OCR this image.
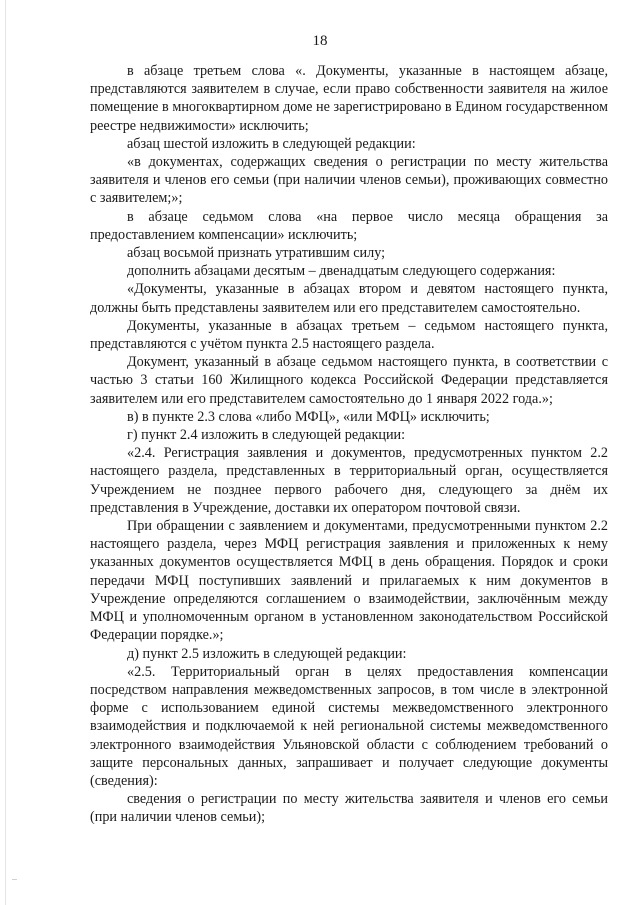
18

в абзаце третьем слова «. Документы, указанные в настоящем абзаце, представляются заявителем в случае, если право собственности заявителя на жилое помещение в многоквартирном доме не зарегистрировано в Едином государственном реестре недвижимости» исключить;

абзац шестой изложить в следующей редакции:

«в документах, содержащих сведения о регистрации по месту жительства заявителя и членов его семьи (при наличии членов семьи), проживающих совместно с заявителем;»;

в абзаце седьмом слова «на первое число месяца обращения за предоставлением компенсации» исключить;

абзац восьмой признать утратившим силу;

дополнить абзацами десятым – двенадцатым следующего содержания:

«Документы, указанные в абзацах втором и девятом настоящего пункта, должны быть представлены заявителем или его представителем самостоятельно.

Документы, указанные в абзацах третьем – седьмом настоящего пункта, представляются с учётом пункта 2.5 настоящего раздела.

Документ, указанный в абзаце седьмом настоящего пункта, в соответствии с частью 3 статьи 160 Жилищного кодекса Российской Федерации представляется заявителем или его представителем самостоятельно до 1 января 2022 года.»;

в) в пункте 2.3 слова «либо МФЦ», «или МФЦ» исключить;

г) пункт 2.4 изложить в следующей редакции:

«2.4. Регистрация заявления и документов, предусмотренных пунктом 2.2 настоящего раздела, представленных в территориальный орган, осуществляется Учреждением не позднее первого рабочего дня, следующего за днём их представления в Учреждение, доставки их оператором почтовой связи.

При обращении с заявлением и документами, предусмотренными пунктом 2.2 настоящего раздела, через МФЦ регистрация заявления и приложенных к нему указанных документов осуществляется МФЦ в день обращения. Порядок и сроки передачи МФЦ поступивших заявлений и прилагаемых к ним документов в Учреждение определяются соглашением о взаимодействии, заключённым между МФЦ и уполномоченным органом в установленном законодательством Российской Федерации порядке.»;

д) пункт 2.5 изложить в следующей редакции:

«2.5. Территориальный орган в целях предоставления компенсации посредством направления межведомственных запросов, в том числе в электронной форме с использованием единой системы межведомственного электронного взаимодействия и подключаемой к ней региональной системы межведомственного электронного взаимодействия Ульяновской области с соблюдением требований о защите персональных данных, запрашивает и получает следующие документы (сведения):

сведения о регистрации по месту жительства заявителя и членов его семьи (при наличии членов семьи);
